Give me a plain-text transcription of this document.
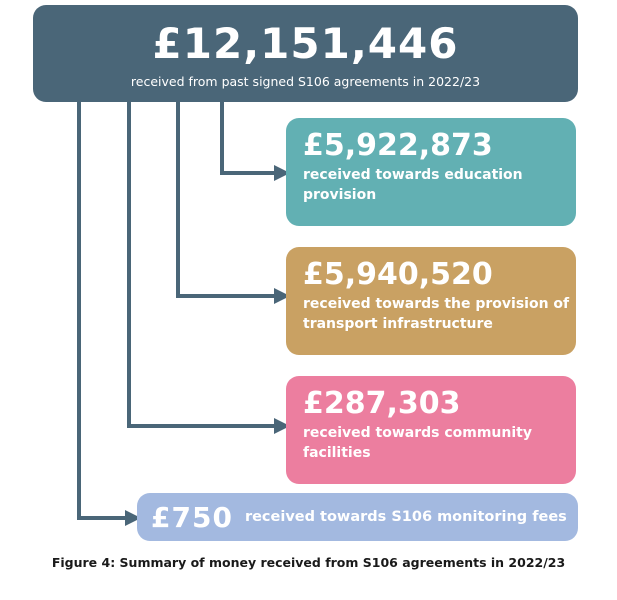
£12,151,446
received from past signed S106 agreements in 2022/23
£5,922,873
received towards education provision
£5,940,520
received towards the provision of transport infrastructure
£287,303
received towards community facilities
£750 received towards S106 monitoring fees
Figure 4: Summary of money received from S106 agreements in 2022/23
